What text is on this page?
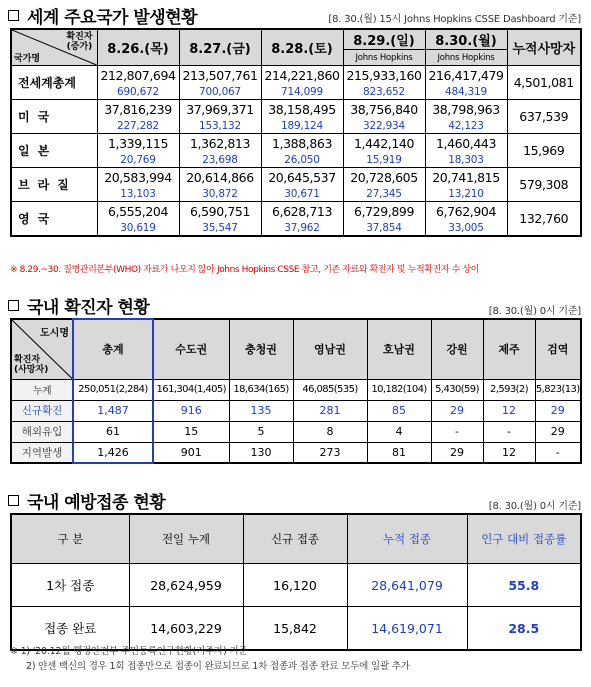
세계 주요국가 발생현황	[8. 30.(월) 15시 Johns Hopkins CSSE Dashboard 기준]
확진자
(증가)
국가명	8.26.(목)	8.27.(금)	8.28.(토)	8.29.(일)	8.30.(월)	누적사망자
				Johns Hopkins	Johns Hopkins	
전세계총계	212,807,694	213,507,761	214,221,860	215,933,160	216,417,479	4,501,081
	690,672	700,067	714,099	823,652	484,319	
미국	37,816,239	37,969,371	38,158,495	38,756,840	38,798,963	637,539
	227,282	153,132	189,124	322,934	42,123	
일본	1,339,115	1,362,813	1,388,863	1,442,140	1,460,443	15,969
	20,769	23,698	26,050	15,919	18,303	
브라질	20,583,994	20,614,866	20,645,537	20,728,605	20,741,815	579,308
	13,103	30,872	30,671	27,345	13,210	
영국	6,555,204	6,590,751	6,628,713	6,729,899	6,762,904	132,760
	30,619	35,547	37,962	37,854	33,005	
※ 8.29.~30. 질병관리본부(WHO) 자료가 나오지 않아 Johns Hopkins CSSE 참고, 기존 자료와 확진자 및 누적확진자 수 상이
국내 확진자 현황	[8. 30.(월) 0시 기준]
도시명
확진자
(사망자)	총계	수도권	충청권	영남권	호남권	강원	제주	검역
누계	250,051(2,284)	161,304(1,405)	18,634(165)	46,085(535)	10,182(104)	5,430(59)	2,593(2)	5,823(13)
신규확진	1,487	916	135	281	85	29	12	29
해외유입	61	15	5	8	4	-	-	29
지역발생	1,426	901	130	273	81	29	12	-
국내 예방접종 현황	[8. 30.(월) 0시 기준]
구 분	전일 누계	신규 접종	누적 접종	인구 대비 접종률
1차 접종	28,624,959	16,120	28,641,079	55.8
접종 완료	14,603,229	15,842	14,619,071	28.5
※ 1) '20.12월 행정안전부 주민등록인구현황(거주자) 기준
2) 얀센 백신의 경우 1회 접종만으로 접종이 완료되므로 1차 접종과 접종 완료 모두에 일괄 추가
